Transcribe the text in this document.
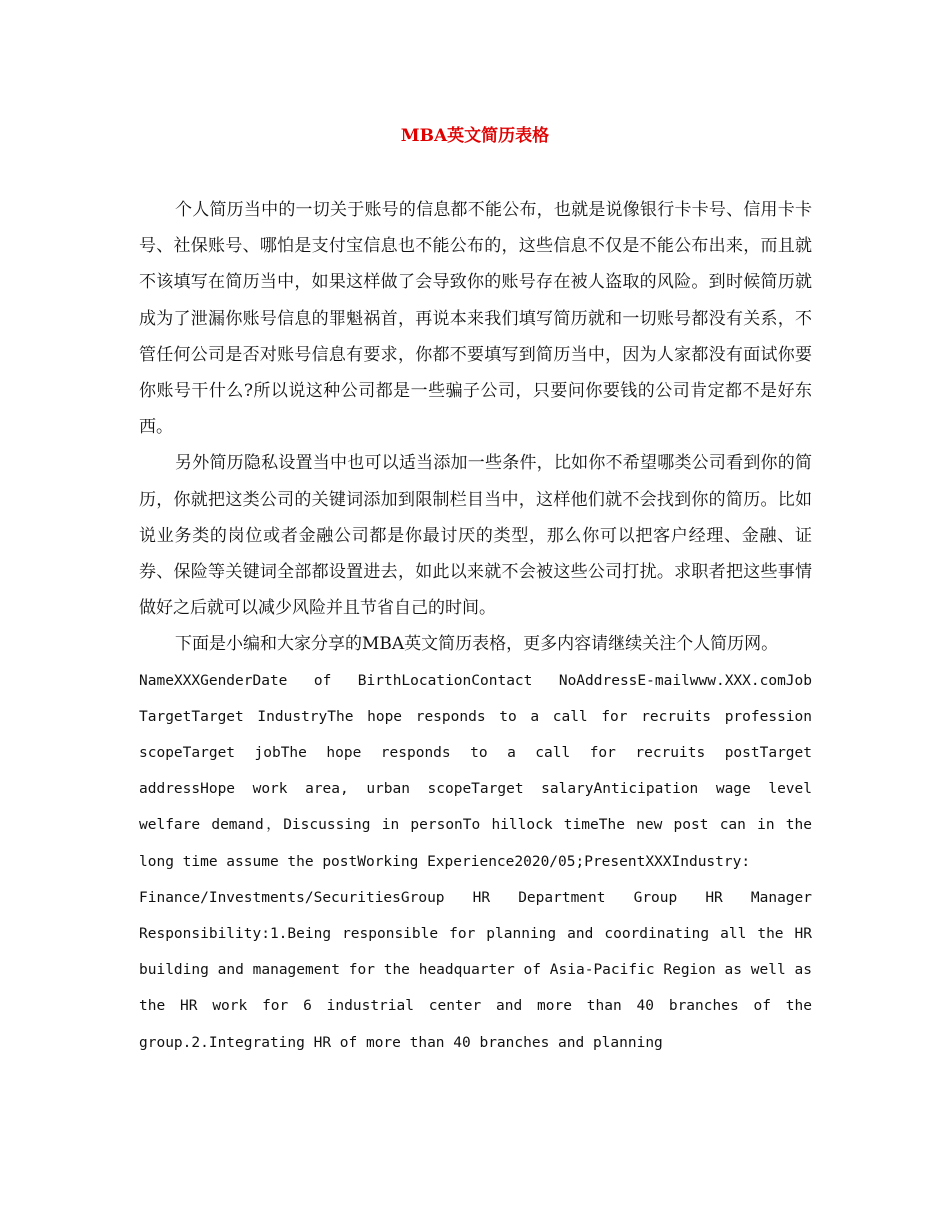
MBA英文简历表格

个人简历当中的一切关于账号的信息都不能公布，也就是说像银行卡卡号、信用卡卡号、社保账号、哪怕是支付宝信息也不能公布的，这些信息不仅是不能公布出来，而且就不该填写在简历当中，如果这样做了会导致你的账号存在被人盗取的风险。到时候简历就成为了泄漏你账号信息的罪魁祸首，再说本来我们填写简历就和一切账号都没有关系，不管任何公司是否对账号信息有要求，你都不要填写到简历当中，因为人家都没有面试你要你账号干什么?所以说这种公司都是一些骗子公司，只要问你要钱的公司肯定都不是好东西。

另外简历隐私设置当中也可以适当添加一些条件，比如你不希望哪类公司看到你的简历，你就把这类公司的关键词添加到限制栏目当中，这样他们就不会找到你的简历。比如说业务类的岗位或者金融公司都是你最讨厌的类型，那么你可以把客户经理、金融、证券、保险等关键词全部都设置进去，如此以来就不会被这些公司打扰。求职者把这些事情做好之后就可以减少风险并且节省自己的时间。

下面是小编和大家分享的MBA英文简历表格，更多内容请继续关注个人简历网。

NameXXXGenderDate of BirthLocationContact NoAddressE-mailwww.XXX.comJob TargetTarget IndustryThe hope responds to a call for recruits profession scopeTarget jobThe hope responds to a call for recruits postTarget addressHope work area, urban scopeTarget salaryAnticipation wage level welfare demand，Discussing in personTo hillock timeThe new post can in the long time assume the postWorking Experience2020/05;PresentXXXIndustry:

Finance/Investments/SecuritiesGroup HR Department Group HR Manager Responsibility:1.Being responsible for planning and coordinating all the HR building and management for the headquarter of Asia-Pacific Region as well as the HR work for 6 industrial center and more than 40 branches of the group.2.Integrating HR of more than 40 branches and planning
